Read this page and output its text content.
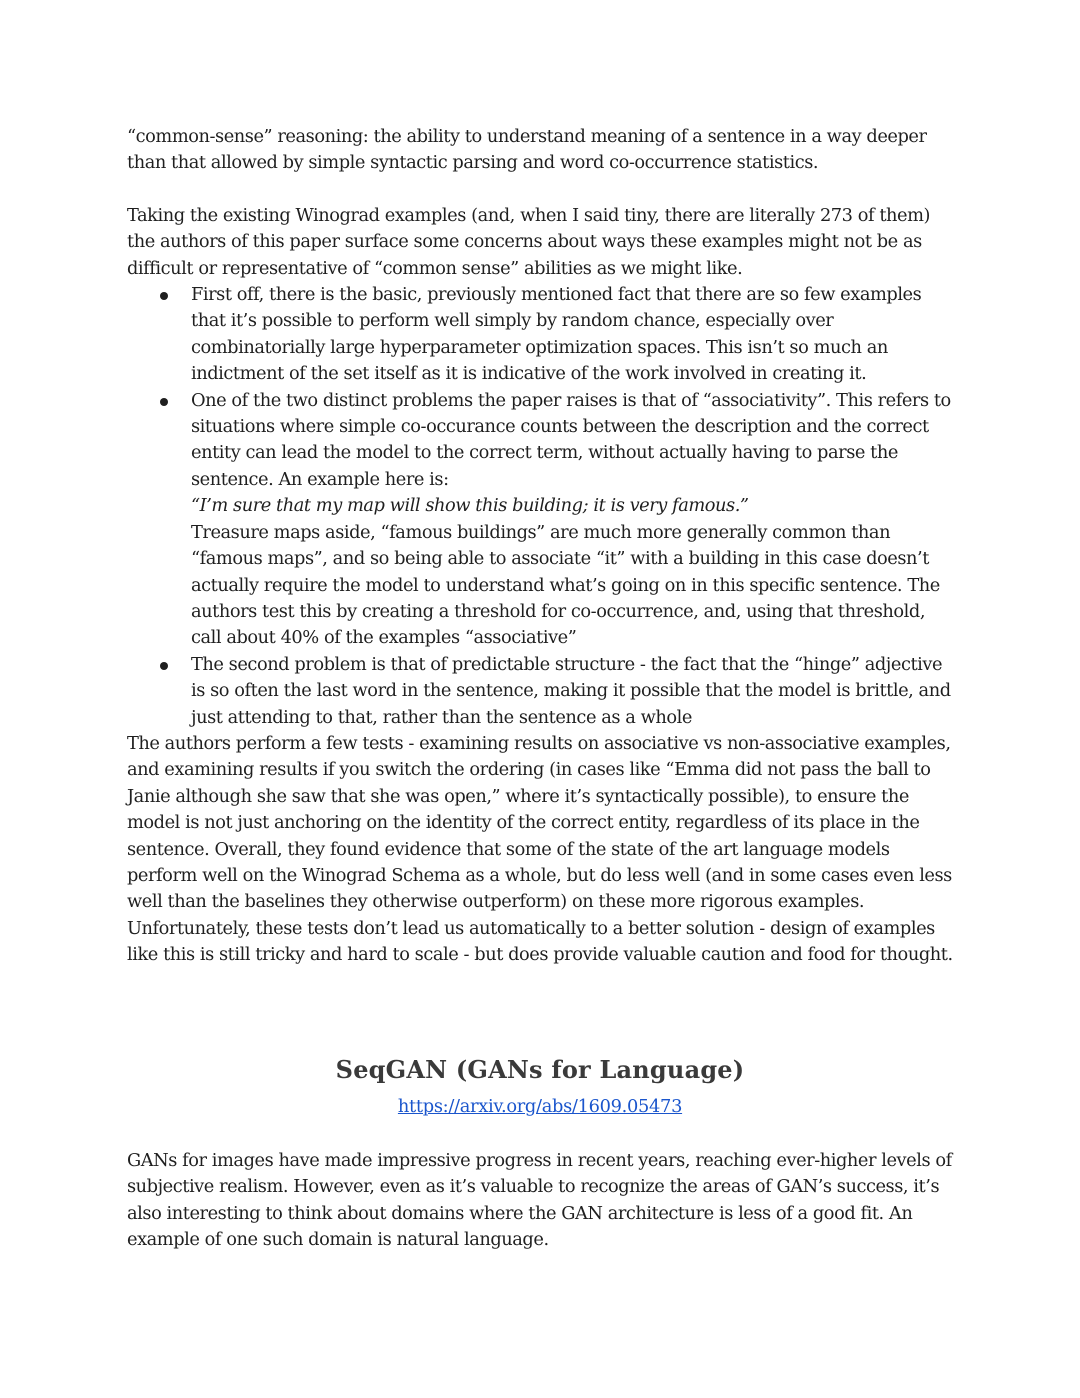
“common-sense” reasoning: the ability to understand meaning of a sentence in a way deeper than that allowed by simple syntactic parsing and word co-occurrence statistics.

Taking the existing Winograd examples (and, when I said tiny, there are literally 273 of them) the authors of this paper surface some concerns about ways these examples might not be as difficult or representative of “common sense” abilities as we might like.

First off, there is the basic, previously mentioned fact that there are so few examples that it’s possible to perform well simply by random chance, especially over combinatorially large hyperparameter optimization spaces. This isn’t so much an indictment of the set itself as it is indicative of the work involved in creating it.
One of the two distinct problems the paper raises is that of “associativity”. This refers to situations where simple co-occurance counts between the description and the correct entity can lead the model to the correct term, without actually having to parse the sentence. An example here is:
“I’m sure that my map will show this building; it is very famous.”
Treasure maps aside, “famous buildings” are much more generally common than “famous maps”, and so being able to associate “it” with a building in this case doesn’t actually require the model to understand what’s going on in this specific sentence. The authors test this by creating a threshold for co-occurrence, and, using that threshold, call about 40% of the examples “associative”
The second problem is that of predictable structure - the fact that the “hinge” adjective is so often the last word in the sentence, making it possible that the model is brittle, and just attending to that, rather than the sentence as a whole

The authors perform a few tests - examining results on associative vs non-associative examples, and examining results if you switch the ordering (in cases like “Emma did not pass the ball to Janie although she saw that she was open,” where it’s syntactically possible), to ensure the model is not just anchoring on the identity of the correct entity, regardless of its place in the sentence. Overall, they found evidence that some of the state of the art language models perform well on the Winograd Schema as a whole, but do less well (and in some cases even less well than the baselines they otherwise outperform) on these more rigorous examples. Unfortunately, these tests don’t lead us automatically to a better solution - design of examples like this is still tricky and hard to scale - but does provide valuable caution and food for thought.

SeqGAN (GANs for Language)
https://arxiv.org/abs/1609.05473

GANs for images have made impressive progress in recent years, reaching ever-higher levels of subjective realism. However, even as it’s valuable to recognize the areas of GAN’s success, it’s also interesting to think about domains where the GAN architecture is less of a good fit. An example of one such domain is natural language.
